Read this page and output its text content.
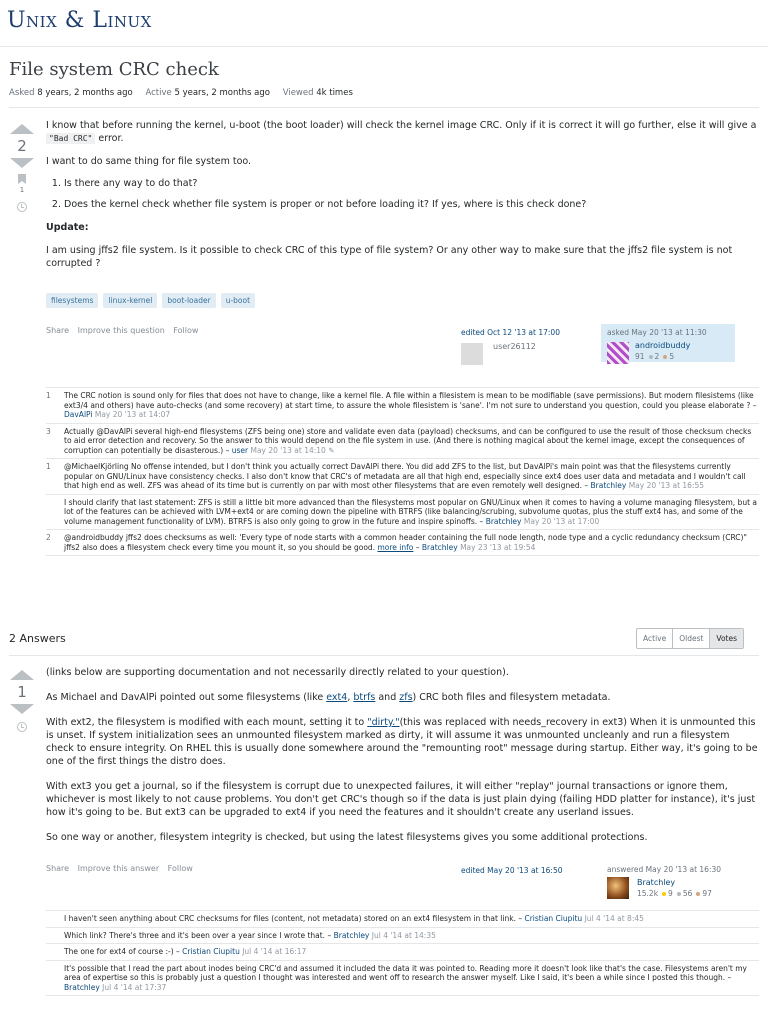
Unix & Linux
File system CRC check
Asked 8 years, 2 months ago Active 5 years, 2 months ago Viewed 4k times
2
1

I know that before running the kernel, u-boot (the boot loader) will check the kernel image CRC. Only if it is correct it will go further, else it will give a "Bad CRC" error.

I want to do same thing for file system too.

1. Is there any way to do that?
2. Does the kernel check whether file system is proper or not before loading it? If yes, where is this check done?

Update:

I am using jffs2 file system. Is it possible to check CRC of this type of file system? Or any other way to make sure that the jffs2 file system is not corrupted ?

filesystems	linux-kernel	boot-loader	u-boot
Share Improve this question Follow	edited Oct 12 '13 at 17:00
user26112
asked May 20 '13 at 11:30
androidbuddy
91 2 5
1 The CRC notion is sound only for files that does not have to change, like a kernel file. A file within a filesistem is mean to be modifiable (save permissions). But modern filesistems (like ext3/4 and others) have auto-checks (and some recovery) at start time, to assure the whole filesistem is 'sane'. I'm not sure to understand you question, could you please elaborate ? – DavAlPi May 20 '13 at 14:07
3 Actually @DavAlPi several high-end filesystems (ZFS being one) store and validate even data (payload) checksums, and can be configured to use the result of those checksum checks to aid error detection and recovery. So the answer to this would depend on the file system in use. (And there is nothing magical about the kernel image, except the consequences of corruption can potentially be disasterous.) – user May 20 '13 at 14:10 ✎
1 @MichaelKjörling No offense intended, but I don't think you actually correct DavAlPi there. You did add ZFS to the list, but DavAlPi's main point was that the filesystems currently popular on GNU/Linux have consistency checks. I also don't know that CRC's of metadata are all that high end, especially since ext4 does user data and metadata and I wouldn't call that high end as well. ZFS was ahead of its time but is currently on par with most other filesystems that are even remotely well designed. – Bratchley May 20 '13 at 16:55
I should clarify that last statement: ZFS is still a little bit more advanced than the filesystems most popular on GNU/Linux when it comes to having a volume managing filesystem, but a lot of the features can be achieved with LVM+ext4 or are coming down the pipeline with BTRFS (like balancing/scrubing, subvolume quotas, plus the stuff ext4 has, and some of the volume management functionality of LVM). BTRFS is also only going to grow in the future and inspire spinoffs. – Bratchley May 20 '13 at 17:00
2 @androidbuddy jffs2 does checksums as well: 'Every type of node starts with a common header containing the full node length, node type and a cyclic redundancy checksum (CRC)" jffs2 also does a filesystem check every time you mount it, so you should be good. more info – Bratchley May 23 '13 at 19:54
2 Answers	Active	Oldest	Votes
1

(links below are supporting documentation and not necessarily directly related to your question).

As Michael and DavAlPi pointed out some filesystems (like ext4, btrfs and zfs) CRC both files and filesystem metadata.

With ext2, the filesystem is modified with each mount, setting it to "dirty."(this was replaced with needs_recovery in ext3) When it is unmounted this is unset. If system initialization sees an unmounted filesystem marked as dirty, it will assume it was unmounted uncleanly and run a filesystem check to ensure integrity. On RHEL this is usually done somewhere around the "remounting root" message during startup. Either way, it's going to be one of the first things the distro does.

With ext3 you get a journal, so if the filesystem is corrupt due to unexpected failures, it will either "replay" journal transactions or ignore them, whichever is most likely to not cause problems. You don't get CRC's though so if the data is just plain dying (failing HDD platter for instance), it's just how it's going to be. But ext3 can be upgraded to ext4 if you need the features and it shouldn't create any userland issues.

So one way or another, filesystem integrity is checked, but using the latest filesystems gives you some additional protections.

Share Improve this answer Follow	edited May 20 '13 at 16:50	answered May 20 '13 at 16:30
Bratchley
15.2k 9 56 97
I haven't seen anything about CRC checksums for files (content, not metadata) stored on an ext4 filesystem in that link. – Cristian Ciupitu Jul 4 '14 at 8:45
Which link? There's three and it's been over a year since I wrote that. – Bratchley Jul 4 '14 at 14:35
The one for ext4 of course :-) – Cristian Ciupitu Jul 4 '14 at 16:17
It's possible that I read the part about inodes being CRC'd and assumed it included the data it was pointed to. Reading more it doesn't look like that's the case. Filesystems aren't my area of expertise so this is probably just a question I thought was interested and went off to research the answer myself. Like I said, it's been a while since I posted this though. – Bratchley Jul 4 '14 at 17:37
